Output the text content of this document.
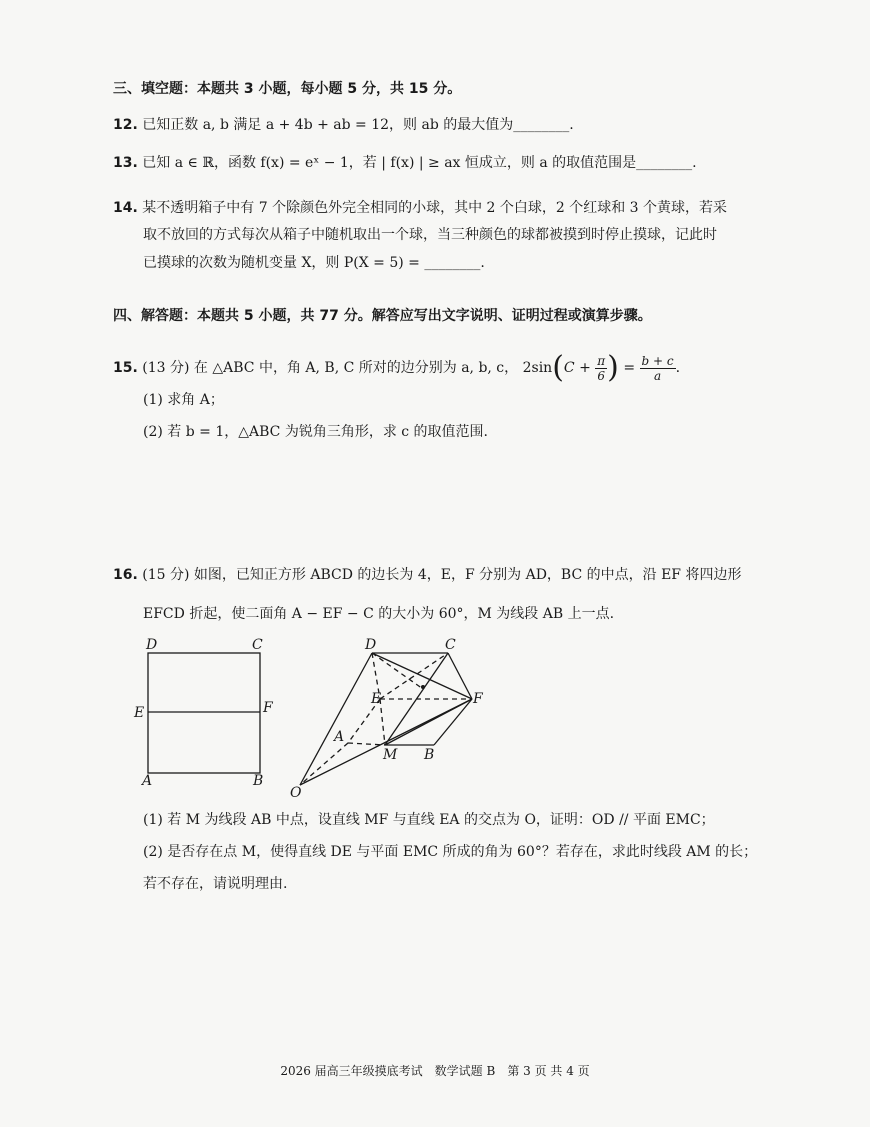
三、填空题：本题共 3 小题，每小题 5 分，共 15 分。
12. 已知正数 a, b 满足 a + 4b + ab = 12，则 ab 的最大值为________.
13. 已知 a ∈ ℝ，函数 f(x) = eˣ − 1，若 | f(x) | ≥ ax 恒成立，则 a 的取值范围是________.
14. 某不透明箱子中有 7 个除颜色外完全相同的小球，其中 2 个白球，2 个红球和 3 个黄球，若采
取不放回的方式每次从箱子中随机取出一个球，当三种颜色的球都被摸到时停止摸球，记此时
已摸球的次数为随机变量 X，则 P(X = 5) = ________.
四、解答题：本题共 5 小题，共 77 分。解答应写出文字说明、证明过程或演算步骤。
15. (13 分) 在 △ABC 中，角 A, B, C 所对的边分别为 a, b, c， $2\sin(C + \frac{\pi}{6}$ ) = $\frac{b + c}{a}$ .
(1) 求角 A；
(2) 若 b = 1，△ABC 为锐角三角形，求 c 的取值范围.
16. (15 分) 如图，已知正方形 ABCD 的边长为 4，E，F 分别为 AD，BC 的中点，沿 EF 将四边形
EFCD 折起，使二面角 A − EF − C 的大小为 60°，M 为线段 AB 上一点.
D	C
E	F
A	B
D	C
E	F
A
M B
O
(1) 若 M 为线段 AB 中点，设直线 MF 与直线 EA 的交点为 O，证明：OD // 平面 EMC；
(2) 是否存在点 M，使得直线 DE 与平面 EMC 所成的角为 60°？若存在，求此时线段 AM 的长；
若不存在，请说明理由.
2026 届高三年级摸底考试　数学试题 B　第 3 页 共 4 页
